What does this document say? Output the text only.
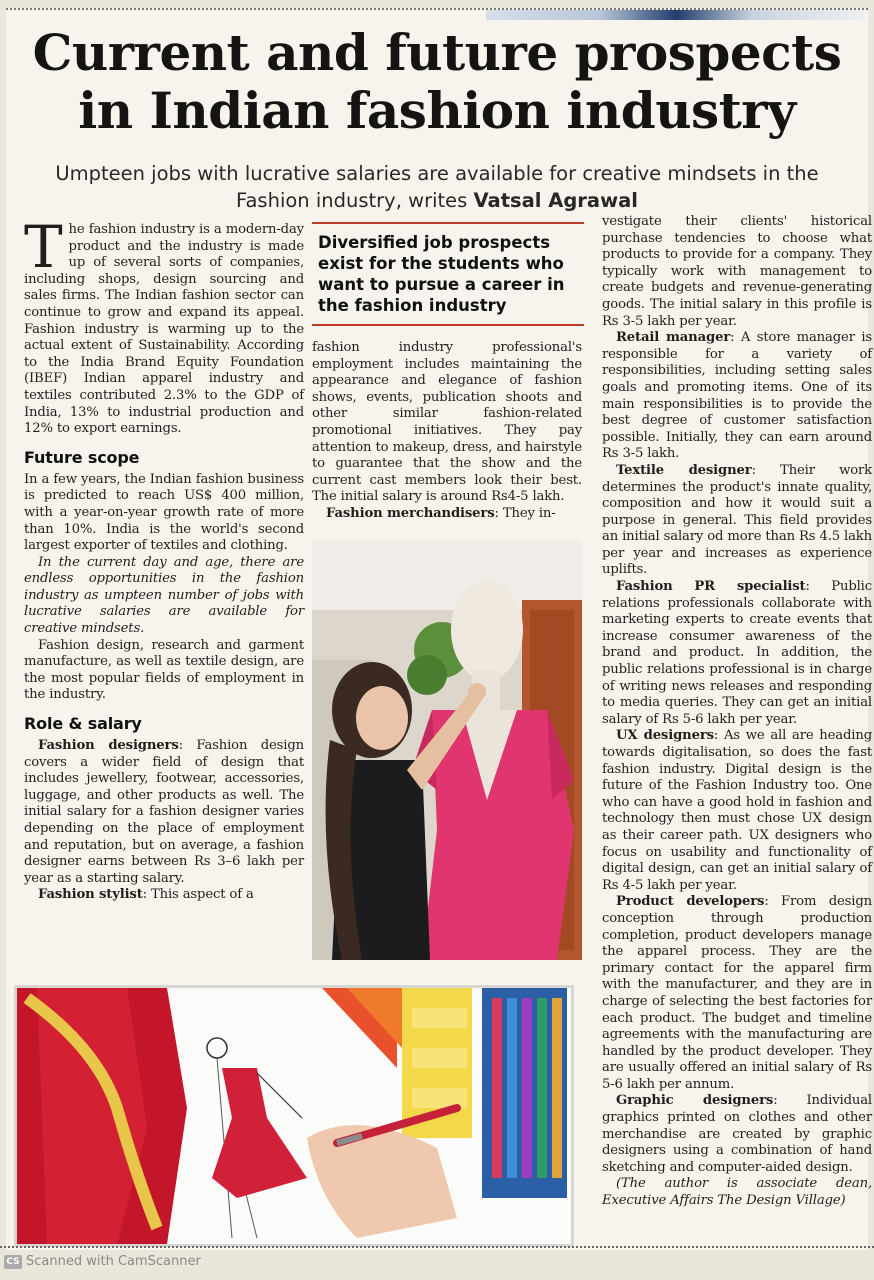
Current and future prospects
in Indian fashion industry
Umpteen jobs with lucrative salaries are available for creative mindsets in the Fashion industry, writes Vatsal Agrawal

The fashion industry is a modern-day product and the industry is made up of several sorts of companies, including shops, design sourcing and sales firms. The Indian fashion sector can continue to grow and expand its appeal. Fashion industry is warming up to the actual extent of Sustainability. According to the India Brand Equity Foundation (IBEF) Indian apparel industry and textiles contributed 2.3% to the GDP of India, 13% to industrial production and 12% to export earnings.

Future scope

In a few years, the Indian fashion business is predicted to reach US$ 400 million, with a year-on-year growth rate of more than 10%. India is the world's second largest exporter of textiles and clothing.

In the current day and age, there are endless opportunities in the fashion industry as umpteen number of jobs with lucrative salaries are available for creative mindsets.

Fashion design, research and garment manufacture, as well as textile design, are the most popular fields of employment in the industry.

Role & salary

Fashion designers: Fashion design covers a wider field of design that includes jewellery, footwear, accessories, luggage, and other products as well. The initial salary for a fashion designer varies depending on the place of employment and reputation, but on average, a fashion designer earns between Rs 3–6 lakh per year as a starting salary.

Fashion stylist: This aspect of a

Diversified job prospects exist for the students who want to pursue a career in the fashion industry

fashion industry professional's employment includes maintaining the appearance and elegance of fashion shows, events, publication shoots and other similar fashion-related promotional initiatives. They pay attention to makeup, dress, and hairstyle to guarantee that the show and the current cast members look their best. The initial salary is around Rs4-5 lakh.

Fashion merchandisers: They in-

vestigate their clients' historical purchase tendencies to choose what products to provide for a company. They typically work with management to create budgets and revenue-generating goods. The initial salary in this profile is Rs 3-5 lakh per year.

Retail manager: A store manager is responsible for a variety of responsibilities, including setting sales goals and promoting items. One of its main responsibilities is to provide the best degree of customer satisfaction possible. Initially, they can earn around Rs 3-5 lakh.

Textile designer: Their work determines the product's innate quality, composition and how it would suit a purpose in general. This field provides an initial salary od more than Rs 4.5 lakh per year and increases as experience uplifts.

Fashion PR specialist: Public relations professionals collaborate with marketing experts to create events that increase consumer awareness of the brand and product. In addition, the public relations professional is in charge of writing news releases and responding to media queries. They can get an initial salary of Rs 5-6 lakh per year.

UX designers: As we all are heading towards digitalisation, so does the fast fashion industry. Digital design is the future of the Fashion Industry too. One who can have a good hold in fashion and technology then must chose UX design as their career path. UX designers who focus on usability and functionality of digital design, can get an initial salary of Rs 4-5 lakh per year.

Product developers: From design conception through production completion, product developers manage the apparel process. They are the primary contact for the apparel firm with the manufacturer, and they are in charge of selecting the best factories for each product. The budget and timeline agreements with the manufacturing are handled by the product developer. They are usually offered an initial salary of Rs 5-6 lakh per annum.

Graphic designers: Individual graphics printed on clothes and other merchandise are created by graphic designers using a combination of hand sketching and computer-aided design.

(The author is associate dean, Executive Affairs The Design Village)

CS Scanned with CamScanner
